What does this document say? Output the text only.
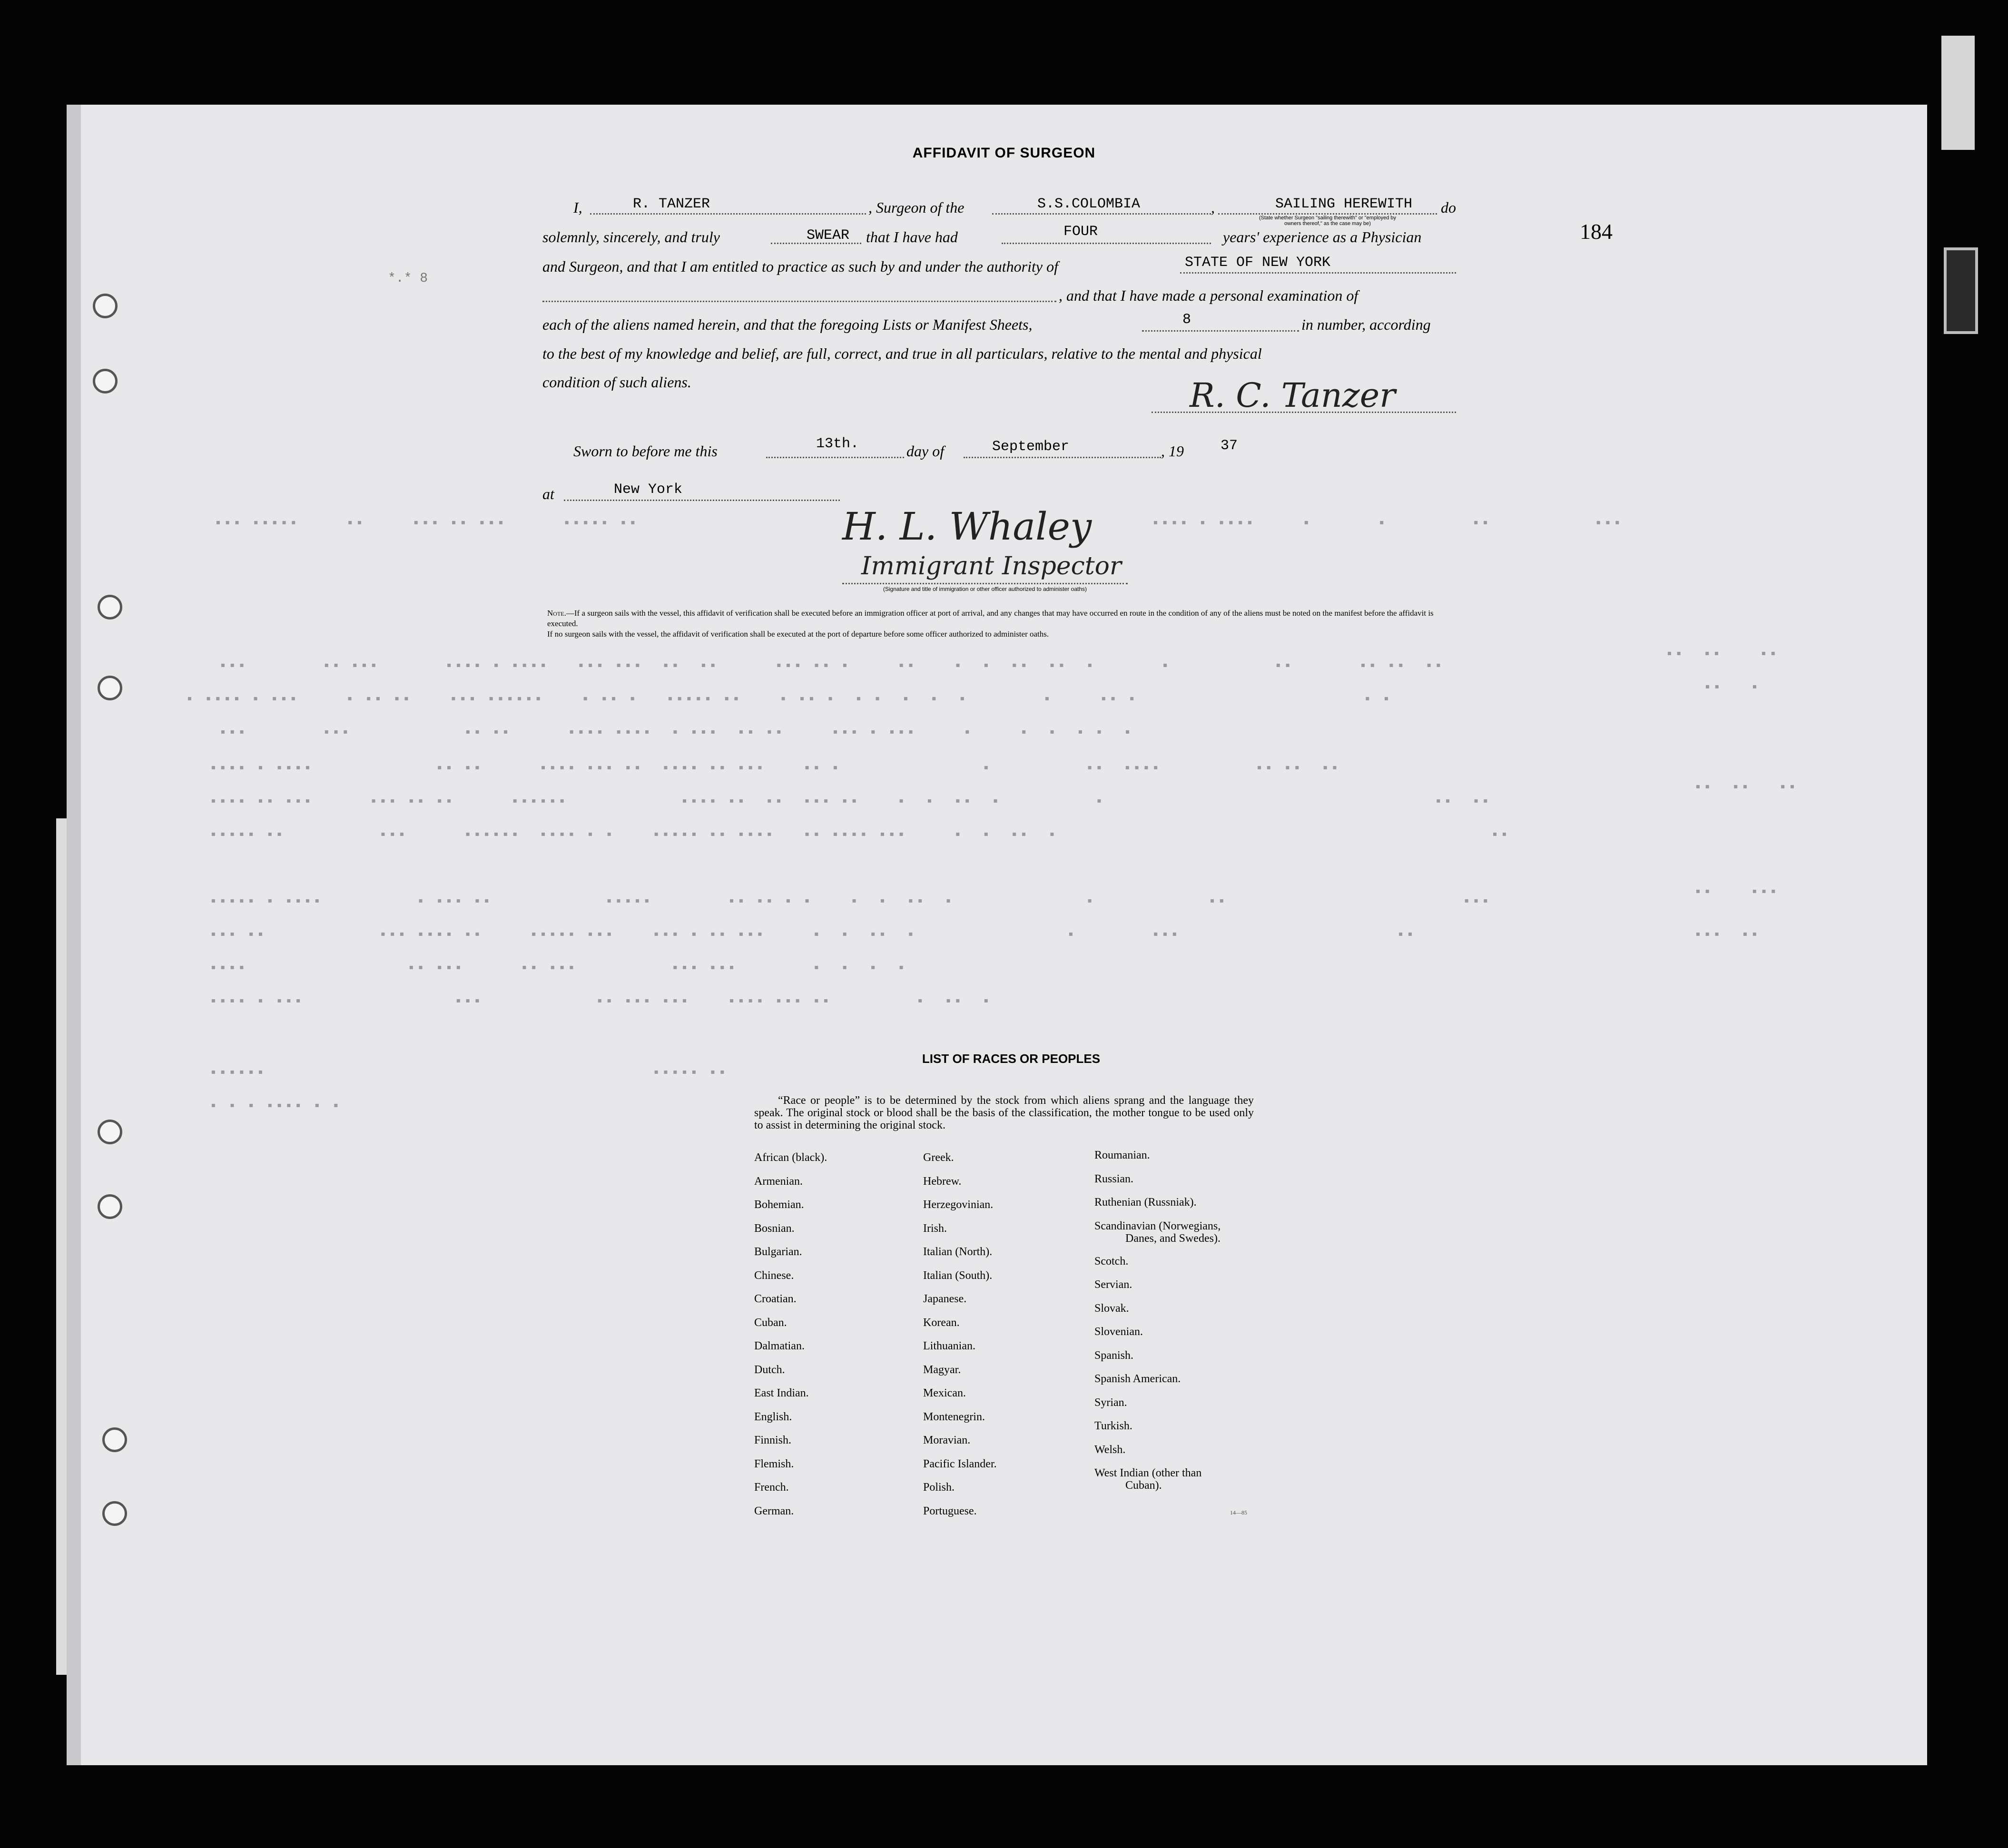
AFFIDAVIT OF SURGEON
184
*.* 8
I,	R. TANZER	, Surgeon of the	S.S.COLOMBIA	,	SAILING HEREWITH do
(State whether Surgeon "sailing therewith" or "employed by
owners thereof," as the case may be)
solemnly, sincerely, and truly	SWEAR that I have had	FOUR	years' experience as a Physician
and Surgeon, and that I am entitled to practice as such by and under the authority of	STATE OF NEW YORK
, and that I have made a personal examination of
each of the aliens named herein, and that the foregoing Lists or Manifest Sheets,	8	in number, according
to the best of my knowledge and belief, are full, correct, and true in all particulars, relative to the mental and physical
condition of such aliens.	R. C. Tanzer
Sworn to before me this	13th.	day of	September	, 19	37
at	New York
H. L. Whaley
Immigrant Inspector
(Signature and title of immigration or other officer authorized to administer oaths)
Note.—If a surgeon sails with the vessel, this affidavit of verification shall be executed before an immigration officer at port of arrival, and any changes that may have occurred en route in the condition of any of the aliens must be noted on the manifest before the affidavit is executed.
If no surgeon sails with the vessel, the affidavit of verification shall be executed at the port of departure before some officer authorized to administer oaths.
▪▪▪ ▪▪▪▪▪     ▪▪     ▪▪▪ ▪▪ ▪▪▪      ▪▪▪▪▪ ▪▪	▪▪▪▪ ▪ ▪▪▪▪     ▪       ▪         ▪▪           ▪▪▪
▪▪▪        ▪▪ ▪▪▪       ▪▪▪▪ ▪ ▪▪▪▪   ▪▪▪ ▪▪▪  ▪▪  ▪▪      ▪▪▪ ▪▪ ▪     ▪▪    ▪  ▪  ▪▪  ▪▪  ▪       ▪           ▪▪       ▪▪ ▪▪  ▪▪
▪ ▪▪▪▪ ▪ ▪▪▪     ▪ ▪▪ ▪▪    ▪▪▪ ▪▪▪▪▪▪    ▪ ▪▪ ▪   ▪▪▪▪▪ ▪▪    ▪ ▪▪ ▪  ▪ ▪  ▪  ▪  ▪        ▪     ▪▪ ▪                        ▪ ▪
▪▪▪        ▪▪▪            ▪▪ ▪▪      ▪▪▪▪ ▪▪▪▪  ▪ ▪▪▪  ▪▪ ▪▪     ▪▪▪ ▪ ▪▪▪     ▪     ▪  ▪  ▪ ▪  ▪
▪▪▪▪ ▪ ▪▪▪▪             ▪▪ ▪▪      ▪▪▪▪ ▪▪▪ ▪▪  ▪▪▪▪ ▪▪ ▪▪▪    ▪▪ ▪               ▪          ▪▪  ▪▪▪▪          ▪▪ ▪▪  ▪▪
▪▪▪▪ ▪▪ ▪▪▪      ▪▪▪ ▪▪ ▪▪      ▪▪▪▪▪▪            ▪▪▪▪ ▪▪  ▪▪  ▪▪▪ ▪▪    ▪  ▪  ▪▪  ▪          ▪                                   ▪▪  ▪▪
▪▪▪▪▪ ▪▪          ▪▪▪      ▪▪▪▪▪▪  ▪▪▪▪ ▪ ▪    ▪▪▪▪▪ ▪▪ ▪▪▪▪   ▪▪ ▪▪▪▪ ▪▪▪     ▪  ▪  ▪▪  ▪                                              ▪▪
▪▪▪▪▪ ▪ ▪▪▪▪          ▪ ▪▪▪ ▪▪            ▪▪▪▪▪        ▪▪ ▪▪ ▪ ▪    ▪  ▪  ▪▪  ▪              ▪            ▪▪                         ▪▪▪
▪▪▪ ▪▪            ▪▪▪ ▪▪▪▪ ▪▪     ▪▪▪▪▪ ▪▪▪    ▪▪▪ ▪ ▪▪ ▪▪▪     ▪  ▪  ▪▪  ▪                ▪        ▪▪▪                       ▪▪
▪▪▪▪                 ▪▪ ▪▪▪      ▪▪ ▪▪▪          ▪▪▪ ▪▪▪        ▪  ▪  ▪  ▪
▪▪▪▪ ▪ ▪▪▪                ▪▪▪            ▪▪ ▪▪▪ ▪▪▪    ▪▪▪▪ ▪▪▪ ▪▪         ▪  ▪▪  ▪
▪▪▪▪▪▪                                         ▪▪▪▪▪ ▪▪
▪ ▪ ▪ ▪▪▪▪ ▪ ▪
▪▪  ▪▪    ▪▪
▪▪   ▪
▪▪  ▪▪   ▪▪
▪▪    ▪▪▪
▪▪▪  ▪▪
LIST OF RACES OR PEOPLES
“Race or people” is to be determined by the stock from which aliens sprang and the language they speak. The original stock or blood shall be the basis of the classification, the mother tongue to be used only to assist in determining the original stock.
African (black).
Armenian.
Bohemian.
Bosnian.
Bulgarian.
Chinese.
Croatian.
Cuban.
Dalmatian.
Dutch.
East Indian.
English.
Finnish.
Flemish.
French.
German.
Greek.
Hebrew.
Herzegovinian.
Irish.
Italian (North).
Italian (South).
Japanese.
Korean.
Lithuanian.
Magyar.
Mexican.
Montenegrin.
Moravian.
Pacific Islander.
Polish.
Portuguese.
Roumanian.
Russian.
Ruthenian (Russniak).
Scandinavian (Norwegians,
Danes, and Swedes).
Scotch.
Servian.
Slovak.
Slovenian.
Spanish.
Spanish American.
Syrian.
Turkish.
Welsh.
West Indian (other than
Cuban).
14—85
